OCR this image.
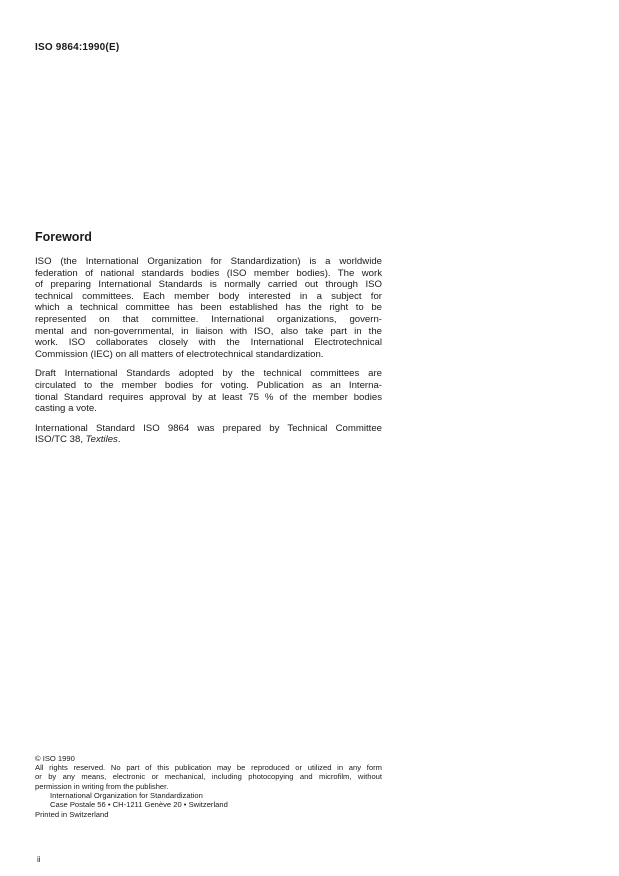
ISO 9864:1990(E)
Foreword

ISO (the International Organization for Standardization) is a worldwide

federation of national standards bodies (ISO member bodies). The work

of preparing International Standards is normally carried out through ISO

technical committees. Each member body interested in a subject for

which a technical committee has been established has the right to be

represented on that committee. International organizations, govern-

mental and non-governmental, in liaison with ISO, also take part in the

work. ISO collaborates closely with the International Electrotechnical

Commission (IEC) on all matters of electrotechnical standardization.

Draft International Standards adopted by the technical committees are

circulated to the member bodies for voting. Publication as an Interna-

tional Standard requires approval by at least 75 % of the member bodies

casting a vote.

International Standard ISO 9864 was prepared by Technical Committee

ISO/TC 38, Textiles.

© ISO 1990

All rights reserved. No part of this publication may be reproduced or utilized in any form

or by any means, electronic or mechanical, including photocopying and microfilm, without

permission in writing from the publisher.

International Organization for Standardization

Case Postale 56 • CH-1211 Genève 20 • Switzerland

Printed in Switzerland

ii
